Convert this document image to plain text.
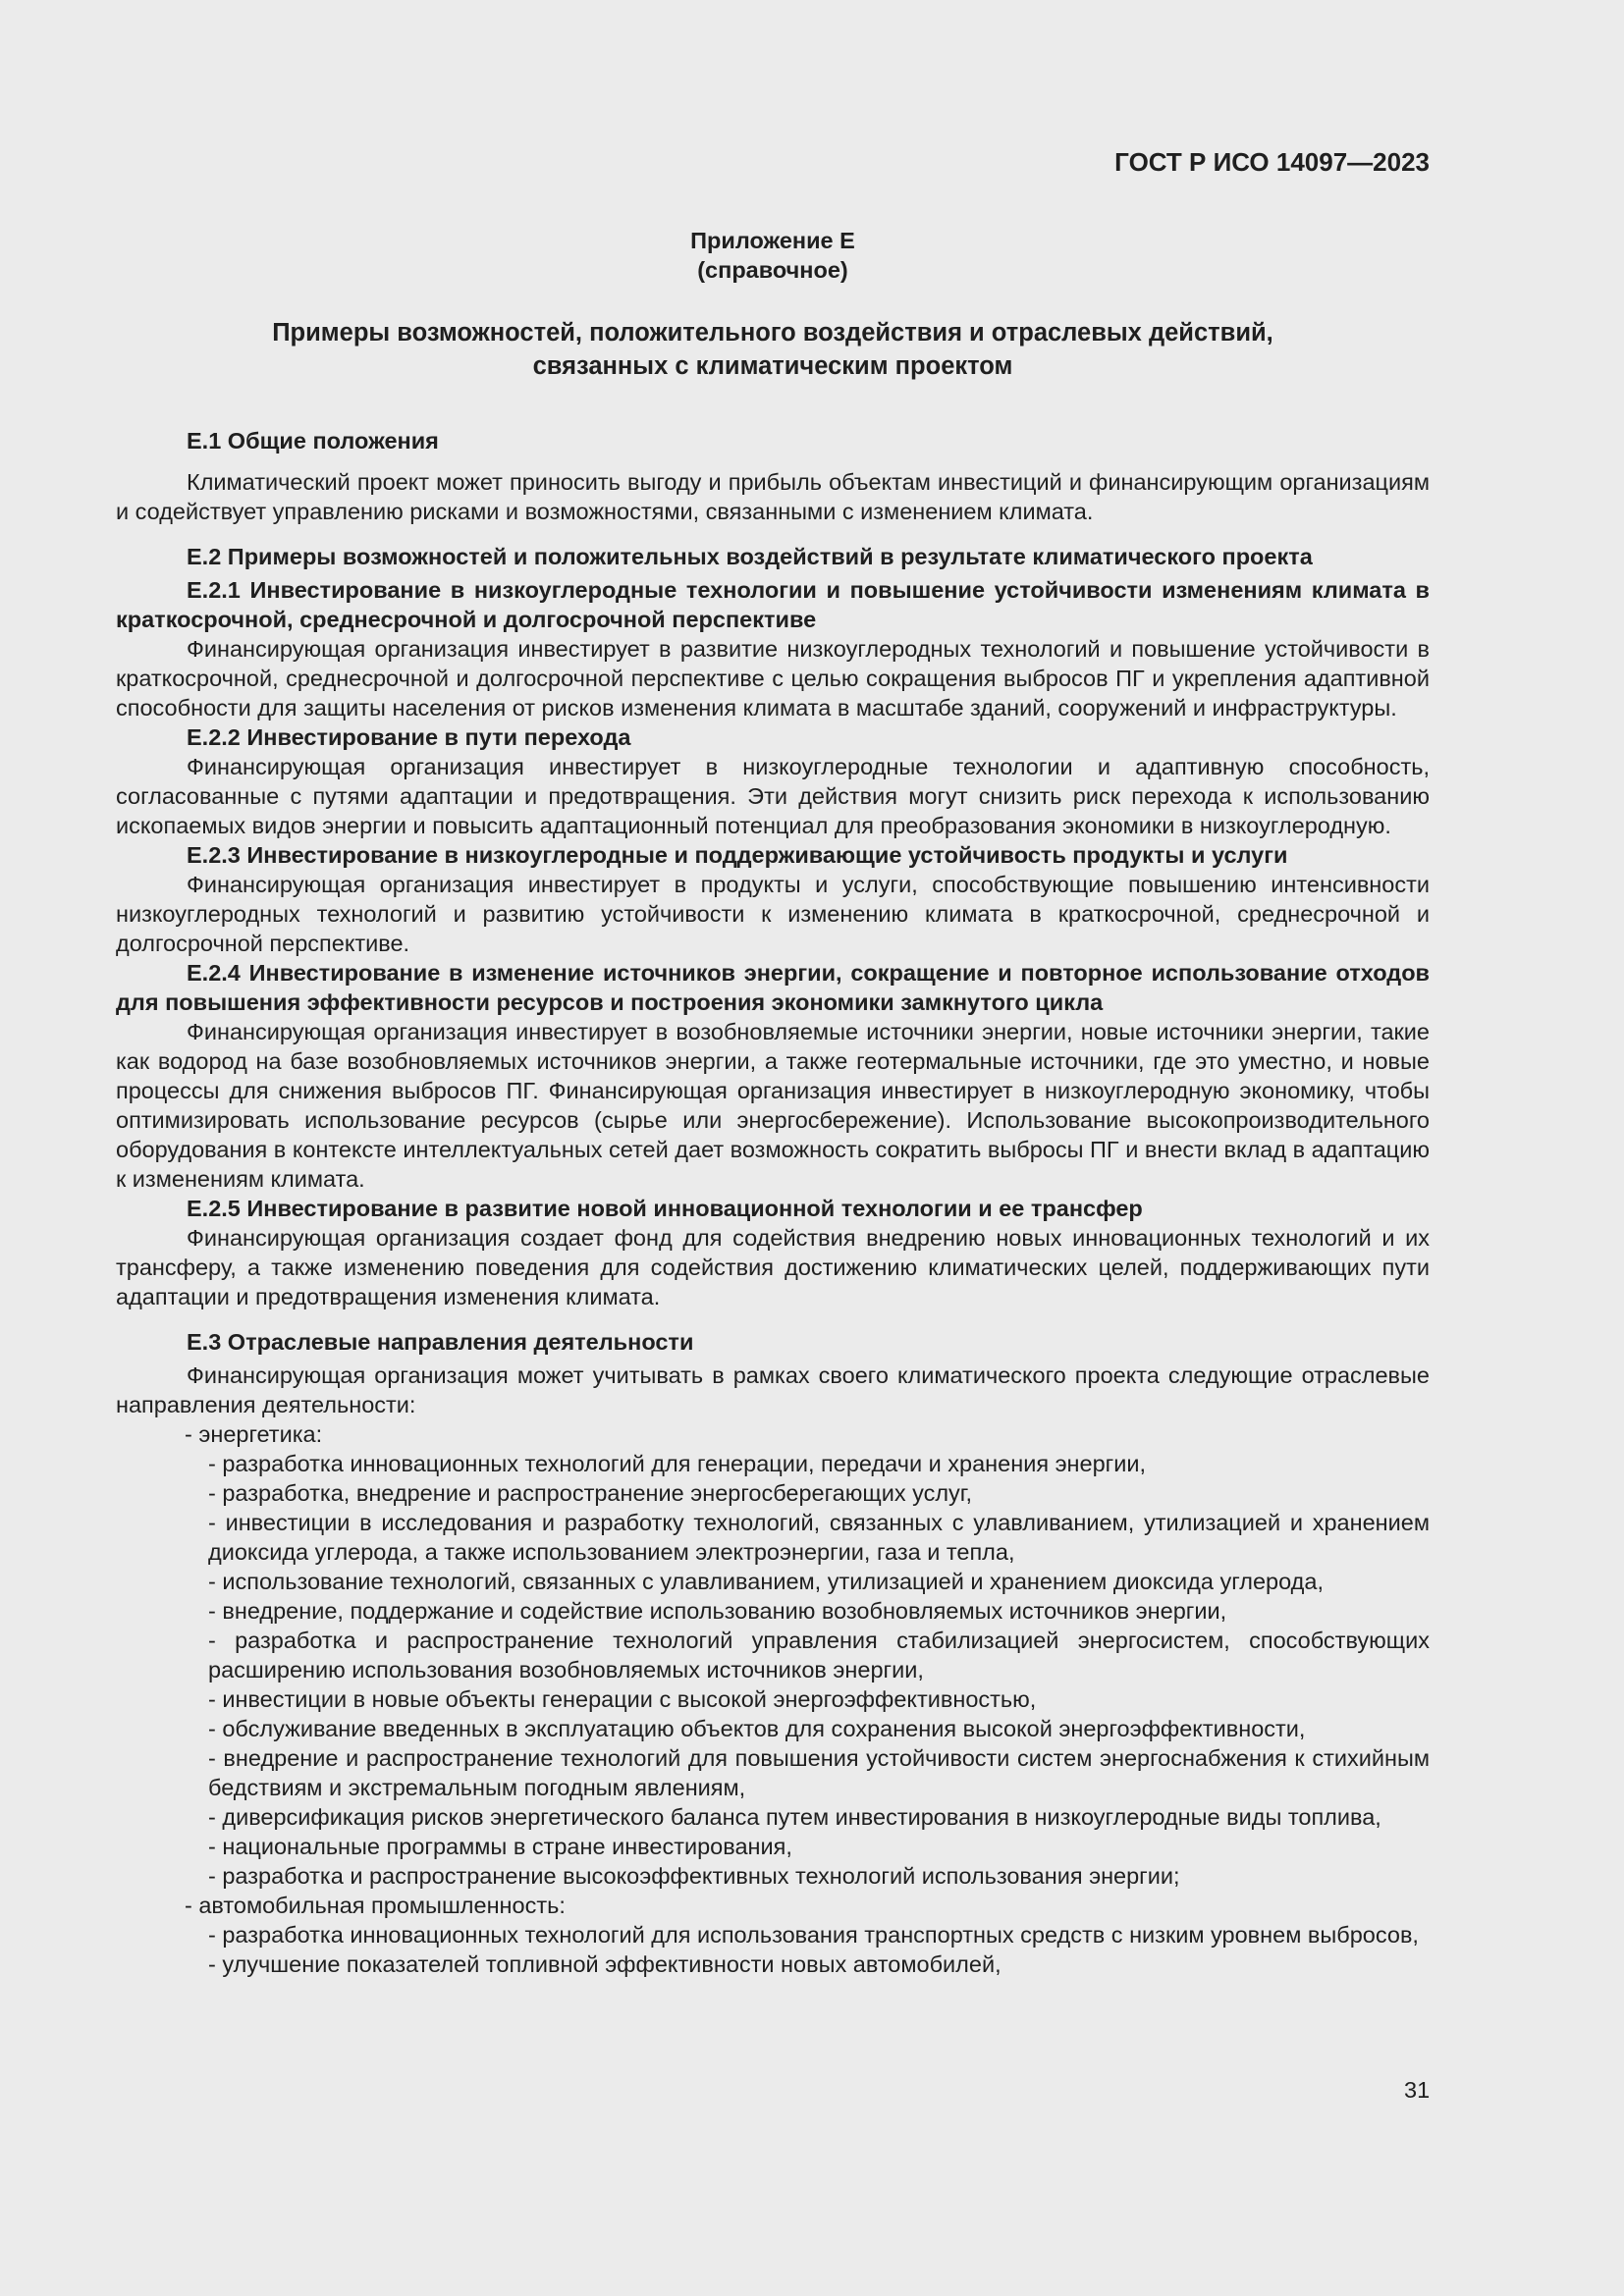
ГОСТ Р ИСО 14097—2023
Приложение Е
(справочное)
Примеры возможностей, положительного воздействия и отраслевых действий,
связанных с климатическим проектом

Е.1 Общие положения

Климатический проект может приносить выгоду и прибыль объектам инвестиций и финансирующим организациям и содействует управлению рисками и возможностями, связанными с изменением климата.

Е.2 Примеры возможностей и положительных воздействий в результате климатического проекта

Е.2.1 Инвестирование в низкоуглеродные технологии и повышение устойчивости изменениям климата в краткосрочной, среднесрочной и долгосрочной перспективе

Финансирующая организация инвестирует в развитие низкоуглеродных технологий и повышение устойчивости в краткосрочной, среднесрочной и долгосрочной перспективе с целью сокращения выбросов ПГ и укрепления адаптивной способности для защиты населения от рисков изменения климата в масштабе зданий, сооружений и инфраструктуры.

Е.2.2 Инвестирование в пути перехода

Финансирующая организация инвестирует в низкоуглеродные технологии и адаптивную способность, согласованные с путями адаптации и предотвращения. Эти действия могут снизить риск перехода к использованию ископаемых видов энергии и повысить адаптационный потенциал для преобразования экономики в низкоуглеродную.

Е.2.3 Инвестирование в низкоуглеродные и поддерживающие устойчивость продукты и услуги

Финансирующая организация инвестирует в продукты и услуги, способствующие повышению интенсивности низкоуглеродных технологий и развитию устойчивости к изменению климата в краткосрочной, среднесрочной и долгосрочной перспективе.

Е.2.4 Инвестирование в изменение источников энергии, сокращение и повторное использование отходов для повышения эффективности ресурсов и построения экономики замкнутого цикла

Финансирующая организация инвестирует в возобновляемые источники энергии, новые источники энергии, такие как водород на базе возобновляемых источников энергии, а также геотермальные источники, где это уместно, и новые процессы для снижения выбросов ПГ. Финансирующая организация инвестирует в низкоуглеродную экономику, чтобы оптимизировать использование ресурсов (сырье или энергосбережение). Использование высокопроизводительного оборудования в контексте интеллектуальных сетей дает возможность сократить выбросы ПГ и внести вклад в адаптацию к изменениям климата.

Е.2.5 Инвестирование в развитие новой инновационной технологии и ее трансфер

Финансирующая организация создает фонд для содействия внедрению новых инновационных технологий и их трансферу, а также изменению поведения для содействия достижению климатических целей, поддерживающих пути адаптации и предотвращения изменения климата.

Е.3 Отраслевые направления деятельности

Финансирующая организация может учитывать в рамках своего климатического проекта следующие отраслевые направления деятельности:

- энергетика:

- разработка инновационных технологий для генерации, передачи и хранения энергии,

- разработка, внедрение и распространение энергосберегающих услуг,

- инвестиции в исследования и разработку технологий, связанных с улавливанием, утилизацией и хранением диоксида углерода, а также использованием электроэнергии, газа и тепла,

- использование технологий, связанных с улавливанием, утилизацией и хранением диоксида углерода,

- внедрение, поддержание и содействие использованию возобновляемых источников энергии,

- разработка и распространение технологий управления стабилизацией энергосистем, способствующих расширению использования возобновляемых источников энергии,

- инвестиции в новые объекты генерации с высокой энергоэффективностью,

- обслуживание введенных в эксплуатацию объектов для сохранения высокой энергоэффективности,

- внедрение и распространение технологий для повышения устойчивости систем энергоснабжения к стихийным бедствиям и экстремальным погодным явлениям,

- диверсификация рисков энергетического баланса путем инвестирования в низкоуглеродные виды топлива,

- национальные программы в стране инвестирования,

- разработка и распространение высокоэффективных технологий использования энергии;

- автомобильная промышленность:

- разработка инновационных технологий для использования транспортных средств с низким уровнем выбросов,

- улучшение показателей топливной эффективности новых автомобилей,

31
